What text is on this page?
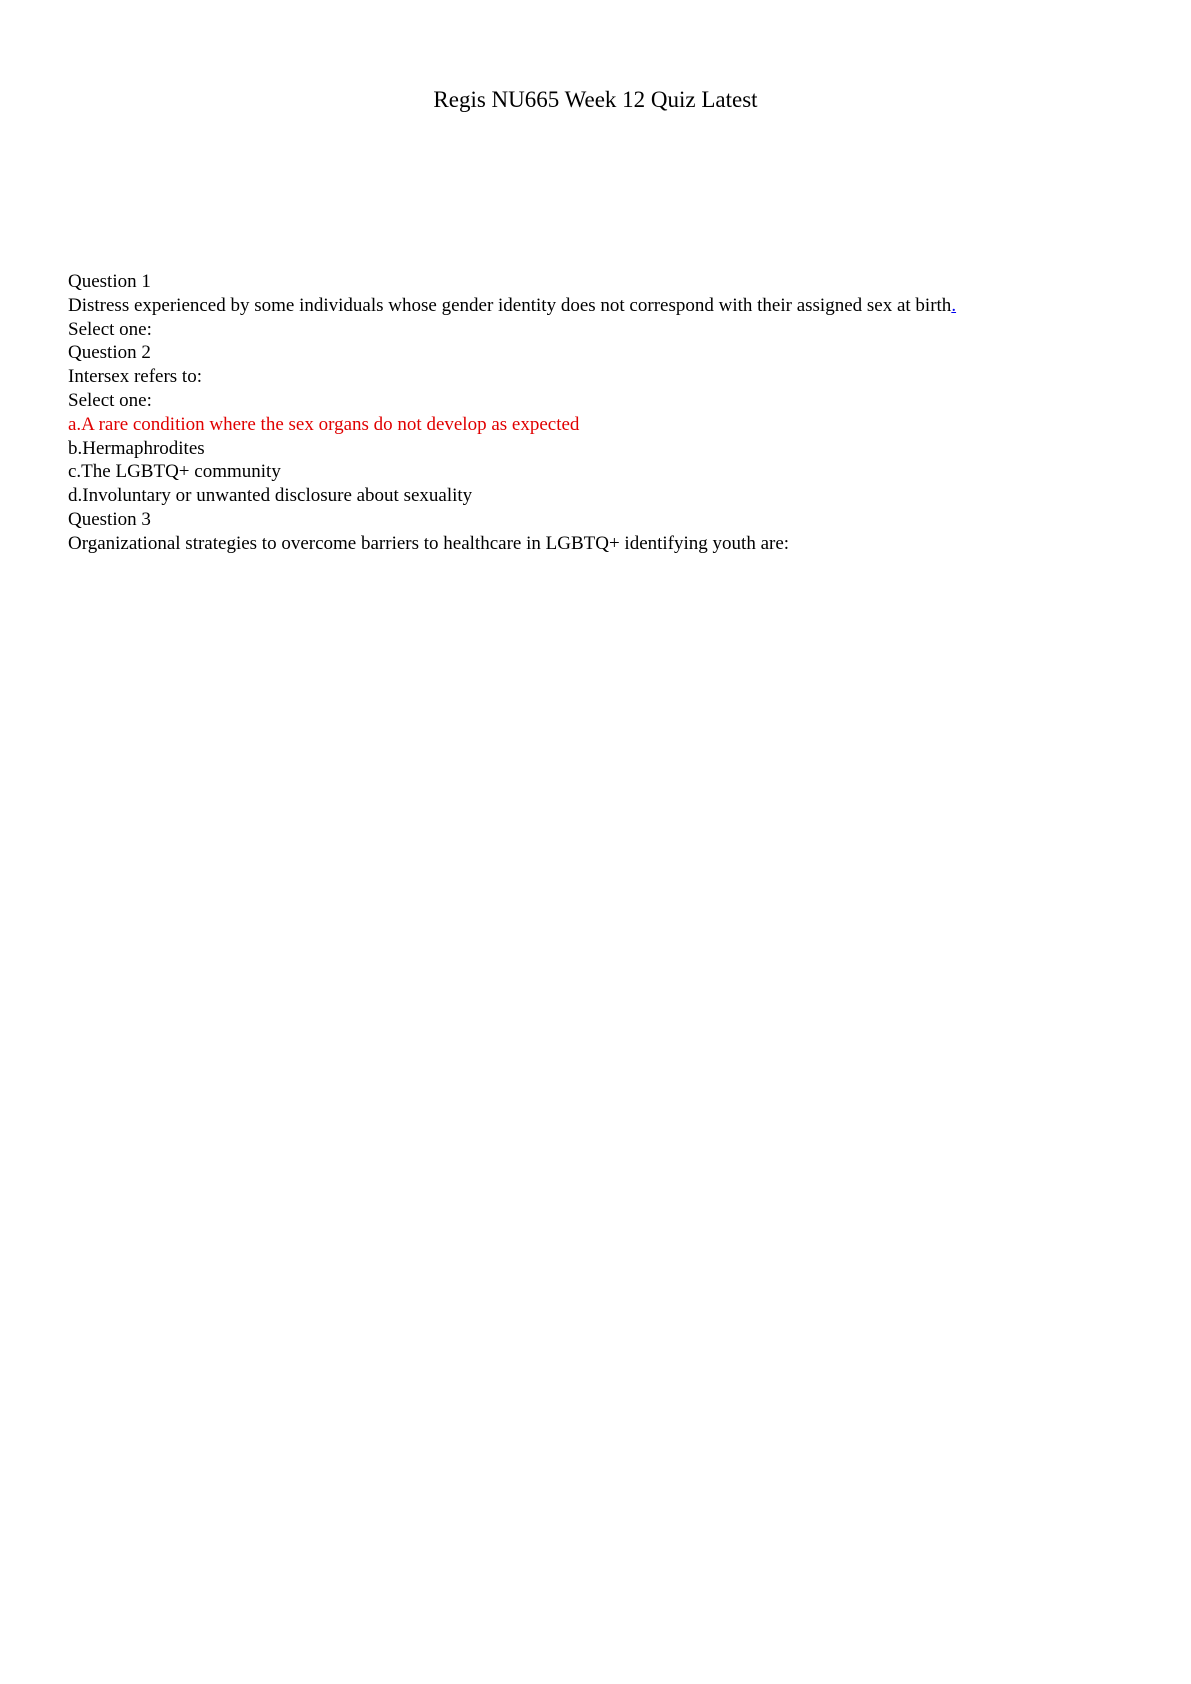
Regis NU665 Week 12 Quiz Latest
Question 1
Distress experienced by some individuals whose gender identity does not correspond with their assigned sex at birth.
Select one:
Question 2
Intersex refers to:
Select one:
a.A rare condition where the sex organs do not develop as expected
b.Hermaphrodites
c.The LGBTQ+ community
d.Involuntary or unwanted disclosure about sexuality
Question 3
Organizational strategies to overcome barriers to healthcare in LGBTQ+ identifying youth are:
